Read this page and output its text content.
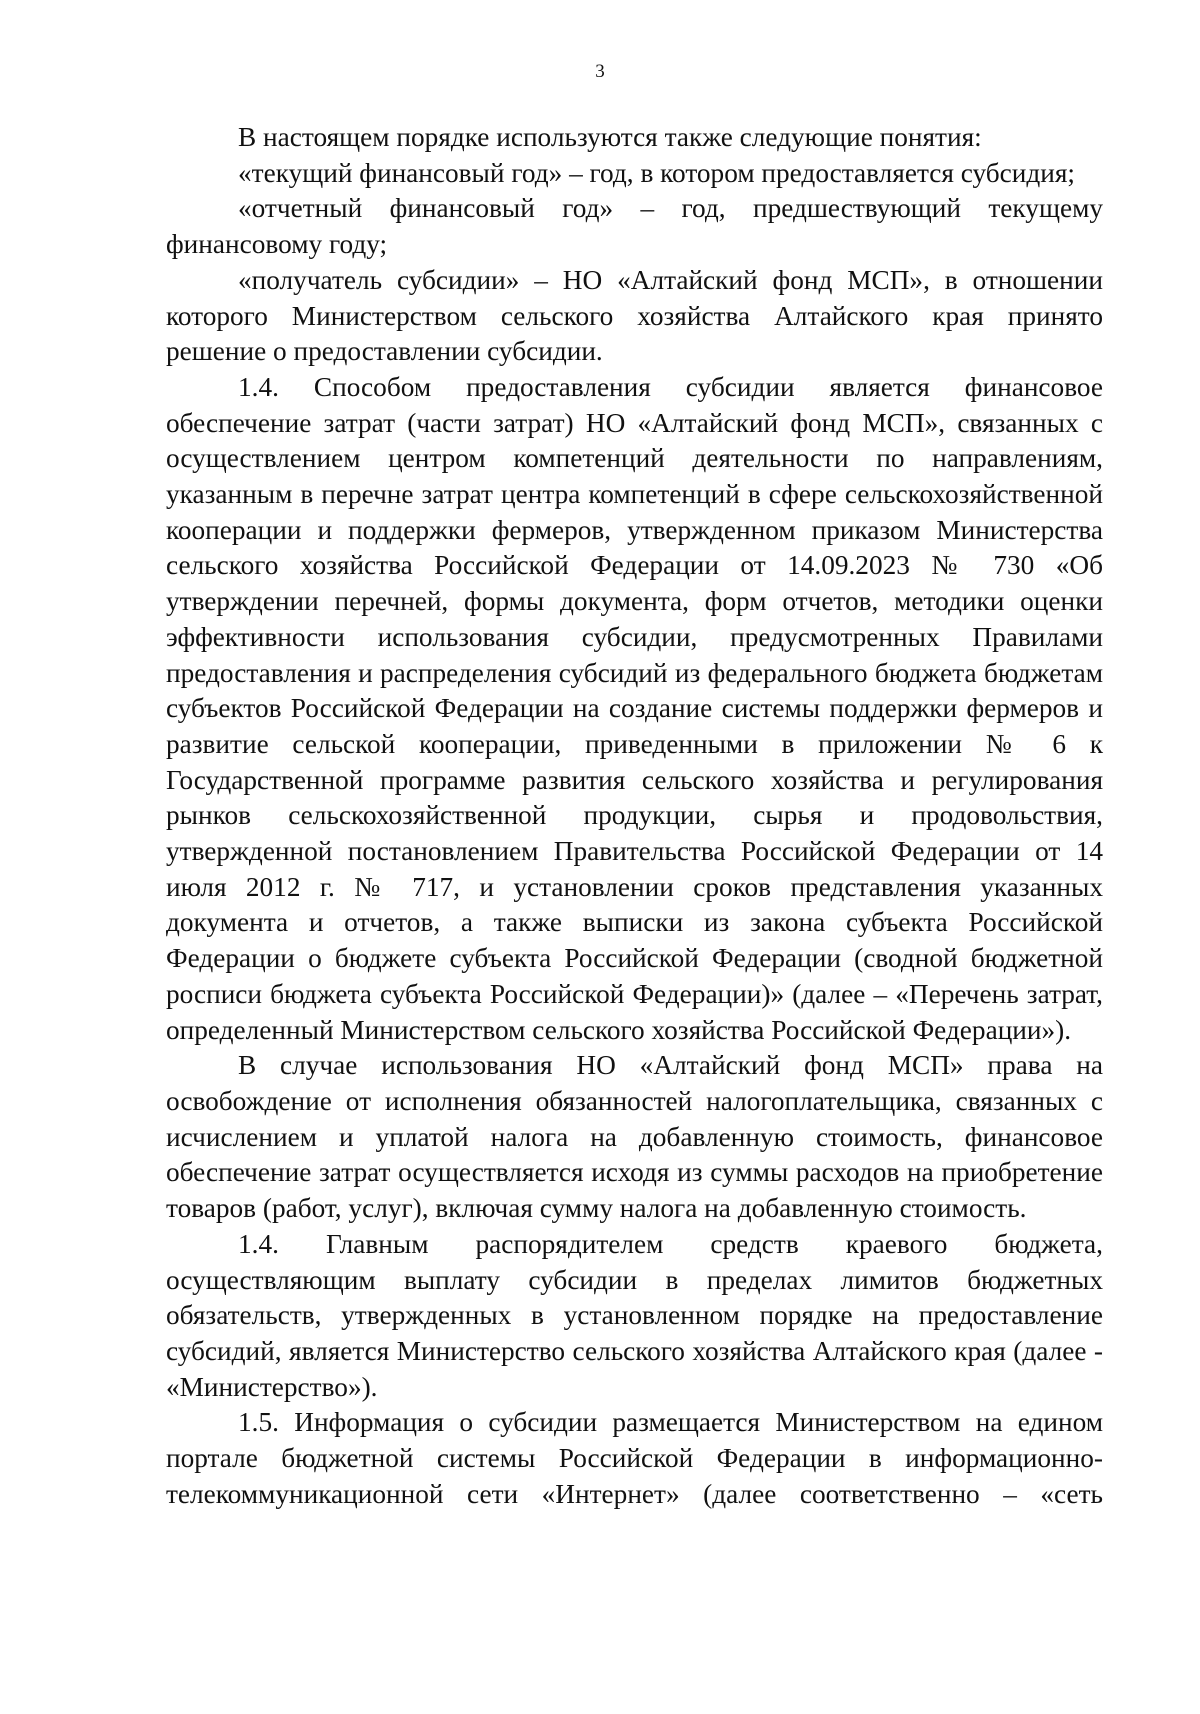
3

В настоящем порядке используются также следующие понятия:

«текущий финансовый год» – год, в котором предоставляется субсидия;

«отчетный финансовый год» – год, предшествующий текущему финансовому году;

«получатель субсидии» – НО «Алтайский фонд МСП», в отношении которого Министерством сельского хозяйства Алтайского края принято решение о предоставлении субсидии.

1.4. Способом предоставления субсидии является финансовое обеспечение затрат (части затрат) НО «Алтайский фонд МСП», связанных с осуществлением центром компетенций деятельности по направлениям, указанным в перечне затрат центра компетенций в сфере сельскохозяйственной кооперации и поддержки фермеров, утвержденном приказом Министерства сельского хозяйства Российской Федерации от 14.09.2023 № 730 «Об утверждении перечней, формы документа, форм отчетов, методики оценки эффективности использования субсидии, предусмотренных Правилами предоставления и распределения субсидий из федерального бюджета бюджетам субъектов Российской Федерации на создание системы поддержки фермеров и развитие сельской кооперации, приведенными в приложении № 6 к Государственной программе развития сельского хозяйства и регулирования рынков сельскохозяйственной продукции, сырья и продовольствия, утвержденной постановлением Правительства Российской Федерации от 14 июля 2012 г. № 717, и установлении сроков представления указанных документа и отчетов, а также выписки из закона субъекта Российской Федерации о бюджете субъекта Российской Федерации (сводной бюджетной росписи бюджета субъекта Российской Федерации)» (далее – «Перечень затрат, определенный Министерством сельского хозяйства Российской Федерации»).

В случае использования НО «Алтайский фонд МСП» права на освобождение от исполнения обязанностей налогоплательщика, связанных с исчислением и уплатой налога на добавленную стоимость, финансовое обеспечение затрат осуществляется исходя из суммы расходов на приобретение товаров (работ, услуг), включая сумму налога на добавленную стоимость.

1.4. Главным распорядителем средств краевого бюджета, осуществляющим выплату субсидии в пределах лимитов бюджетных обязательств, утвержденных в установленном порядке на предоставление субсидий, является Министерство сельского хозяйства Алтайского края (далее - «Министерство»).

1.5. Информация о субсидии размещается Министерством на едином портале бюджетной системы Российской Федерации в информационно-телекоммуникационной сети «Интернет» (далее соответственно – «сеть
